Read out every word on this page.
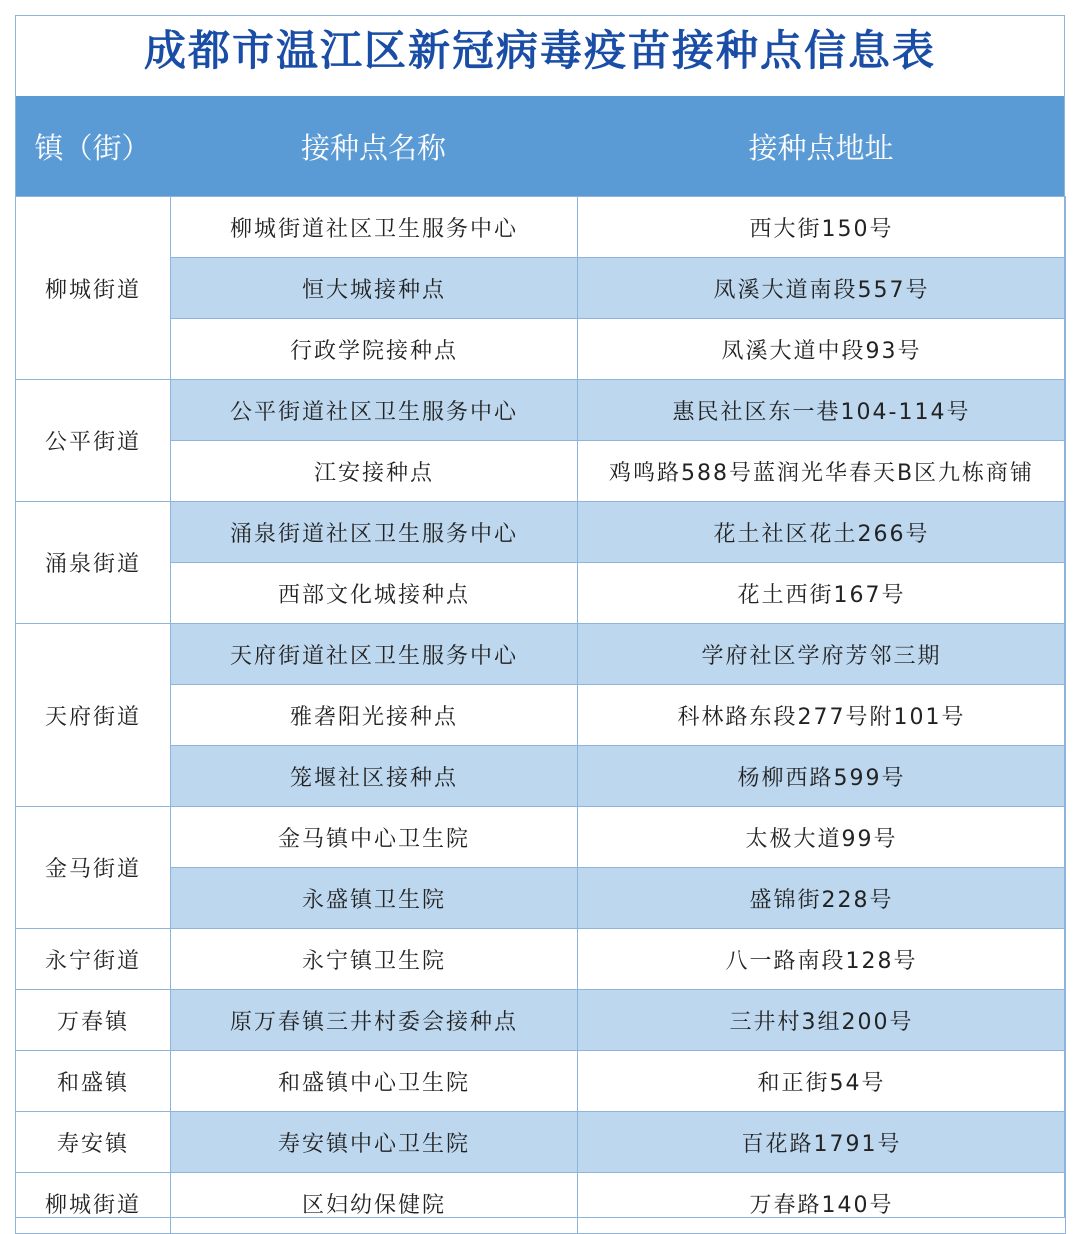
成都市温江区新冠病毒疫苗接种点信息表
镇（街）	接种点名称	接种点地址
柳城街道	柳城街道社区卫生服务中心	西大街150号
	恒大城接种点	凤溪大道南段557号
	行政学院接种点	凤溪大道中段93号
公平街道	公平街道社区卫生服务中心	惠民社区东一巷104-114号
	江安接种点	鸡鸣路588号蓝润光华春天B区九栋商铺
涌泉街道	涌泉街道社区卫生服务中心	花土社区花土266号
	西部文化城接种点	花土西街167号
天府街道	天府街道社区卫生服务中心	学府社区学府芳邻三期
	雅砻阳光接种点	科林路东段277号附101号
	笼堰社区接种点	杨柳西路599号
金马街道	金马镇中心卫生院	太极大道99号
	永盛镇卫生院	盛锦街228号
永宁街道	永宁镇卫生院	八一路南段128号
万春镇	原万春镇三井村委会接种点	三井村3组200号
和盛镇	和盛镇中心卫生院	和正街54号
寿安镇	寿安镇中心卫生院	百花路1791号
柳城街道	区妇幼保健院	万春路140号
